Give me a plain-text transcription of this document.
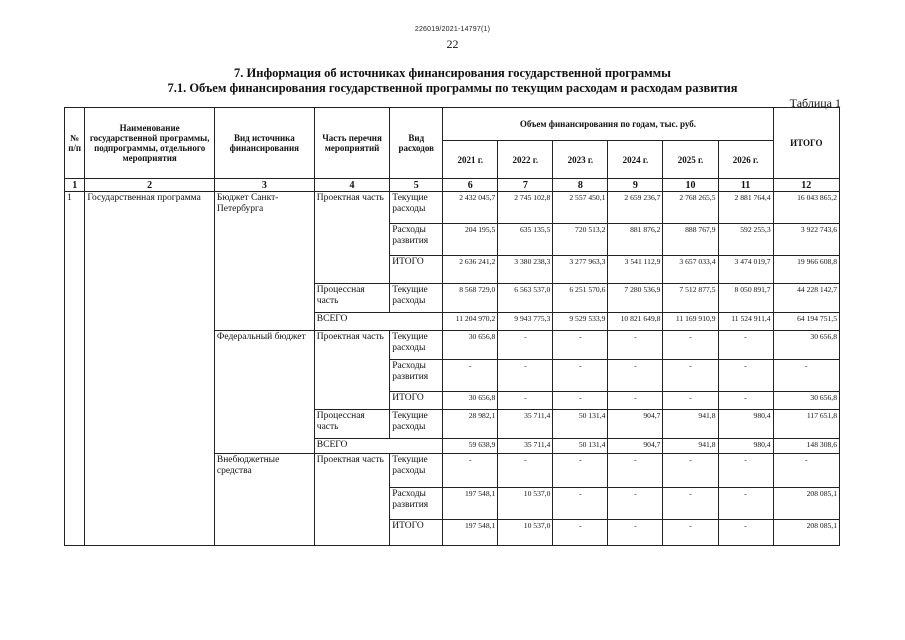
226019/2021-14797(1)
22
7. Информация об источниках финансирования государственной программы
7.1. Объем финансирования государственной программы по текущим расходам и расходам развития
Таблица 1
№ п/п	Наименование государственной программы, подпрограммы, отдельного мероприятия	Вид источника финансирования	Часть перечня мероприятий	Вид расходов	Объем финансирования по годам, тыс. руб.						ИТОГО
					2021 г.	2022 г.	2023 г.	2024 г.	2025 г.	2026 г.	
1	2	3	4	5	6	7	8	9	10	11	12
1	Государственная программа	Бюджет Санкт-Петербурга	Проектная часть	Текущие расходы	2 432 045,7	2 745 102,8	2 557 450,1	2 659 236,7	2 768 265,5	2 881 764,4	16 043 865,2
				Расходы развития	204 195,5	635 135,5	720 513,2	881 876,2	888 767,9	592 255,3	3 922 743,6
				ИТОГО	2 636 241,2	3 380 238,3	3 277 963,3	3 541 112,9	3 657 033,4	3 474 019,7	19 966 608,8
			Процессная часть	Текущие расходы	8 568 729,0	6 563 537,0	6 251 570,6	7 280 536,9	7 512 877,5	8 050 891,7	44 228 142,7
			ВСЕГО		11 204 970,2	9 943 775,3	9 529 533,9	10 821 649,8	11 169 910,9	11 524 911,4	64 194 751,5
		Федеральный бюджет	Проектная часть	Текущие расходы	30 656,8	-	-	-	-	-	30 656,8
				Расходы развития	-	-	-	-	-	-	-
				ИТОГО	30 656,8	-	-	-	-	-	30 656,8
			Процессная часть	Текущие расходы	28 982,1	35 711,4	50 131,4	904,7	941,8	980,4	117 651,8
			ВСЕГО		59 638,9	35 711,4	50 131,4	904,7	941,8	980,4	148 308,6
		Внебюджетные средства	Проектная часть	Текущие расходы	-	-	-	-	-	-	-
				Расходы развития	197 548,1	10 537,0	-	-	-	-	208 085,1
				ИТОГО	197 548,1	10 537,0	-	-	-	-	208 085,1
